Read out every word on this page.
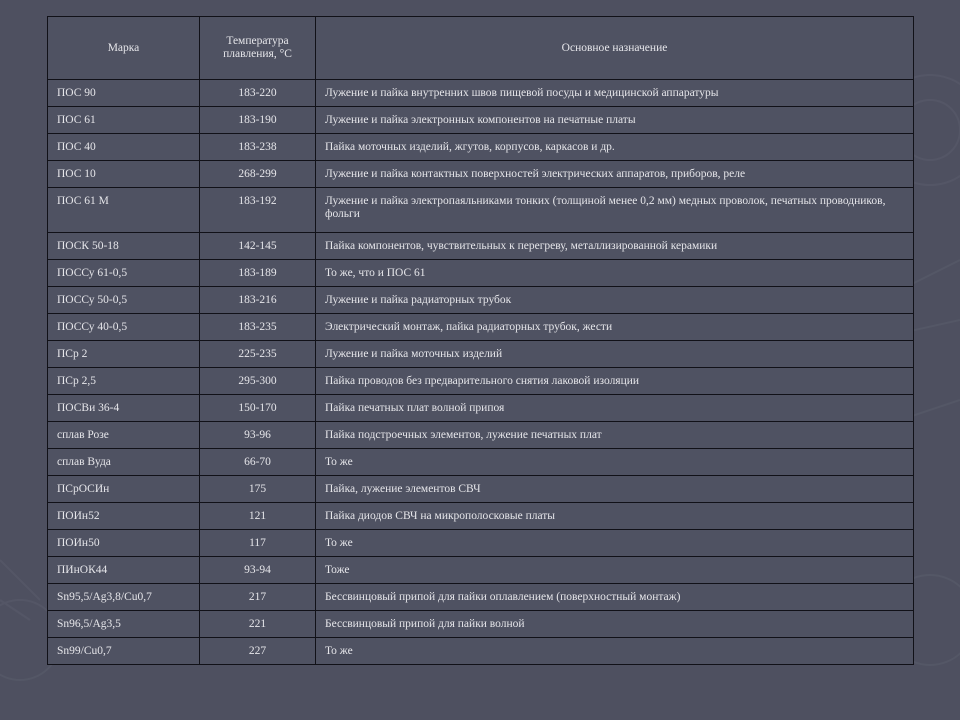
Марка	Температура плавления, °С	Основное назначение
ПОС 90	183-220	Лужение и пайка внутренних швов пищевой посуды и медицинской аппаратуры
ПОС 61	183-190	Лужение и пайка электронных компонентов на печатные платы
ПОС 40	183-238	Пайка моточных изделий, жгутов, корпусов, каркасов и др.
ПОС 10	268-299	Лужение и пайка контактных поверхностей электрических аппаратов, приборов, реле
ПОС 61 М	183-192	Лужение и пайка электропаяльниками тонких (толщиной менее 0,2 мм) медных проволок, печатных проводников, фольги
ПОСК 50-18	142-145	Пайка компонентов, чувствительных к перегреву, металлизированной керамики
ПОССу 61-0,5	183-189	То же, что и ПОС 61
ПОССу 50-0,5	183-216	Лужение и пайка радиаторных трубок
ПОССу 40-0,5	183-235	Электрический монтаж, пайка радиаторных трубок, жести
ПСр 2	225-235	Лужение и пайка моточных изделий
ПСр 2,5	295-300	Пайка проводов без предварительного снятия лаковой изоляции
ПОСВи 36-4	150-170	Пайка печатных плат волной припоя
сплав Розе	93-96	Пайка подстроечных элементов, лужение печатных плат
сплав Вуда	66-70	То же
ПСрОСИн	175	Пайка, лужение элементов СВЧ
ПОИн52	121	Пайка диодов СВЧ на микрополосковые платы
ПОИн50	117	То же
ПИнОК44	93-94	Тоже
Sn95,5/Ag3,8/Cu0,7	217	Бессвинцовый припой для пайки оплавлением (поверхностный монтаж)
Sn96,5/Ag3,5	221	Бессвинцовый припой для пайки волной
Sn99/Cu0,7	227	То же
